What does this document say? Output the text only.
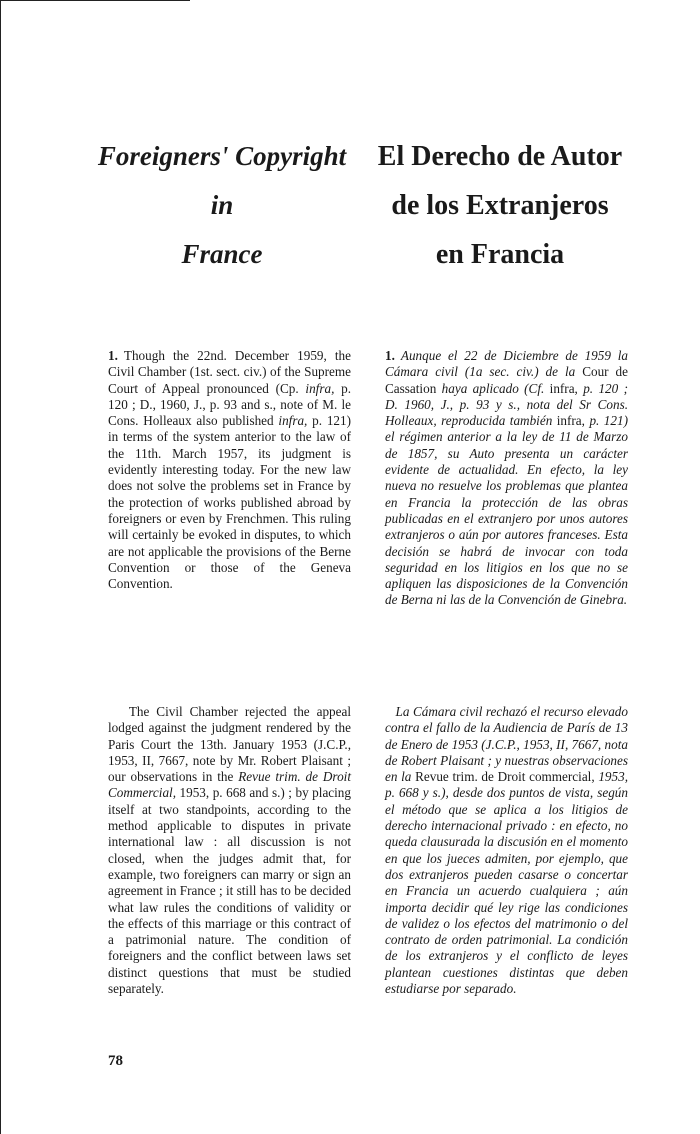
Foreigners' Copyright
in
France
El Derecho de Autor
de los Extranjeros
en Francia

1. Though the 22nd. December 1959, the Civil Chamber (1st. sect. civ.) of the Supreme Court of Appeal pronounced (Cp. infra, p. 120 ; D., 1960, J., p. 93 and s., note of M. le Cons. Holleaux also published infra, p. 121) in terms of the system anterior to the law of the 11th. March 1957, its judgment is evidently interesting today. For the new law does not solve the problems set in France by the protection of works published abroad by foreigners or even by Frenchmen. This ruling will certainly be evoked in disputes, to which are not applicable the provisions of the Berne Convention or those of the Geneva Convention.

The Civil Chamber rejected the appeal lodged against the judgment rendered by the Paris Court the 13th. January 1953 (J.C.P., 1953, II, 7667, note by Mr. Robert Plaisant ; our observations in the Revue trim. de Droit Commercial, 1953, p. 668 and s.) ; by placing itself at two standpoints, according to the method applicable to disputes in private international law : all discussion is not closed, when the judges admit that, for example, two foreigners can marry or sign an agreement in France ; it still has to be decided what law rules the conditions of validity or the effects of this marriage or this contract of a patrimonial nature. The condition of foreigners and the conflict between laws set distinct questions that must be studied separately.

1. Aunque el 22 de Diciembre de 1959 la Cámara civil (1a sec. civ.) de la Cour de Cassation haya aplicado (Cf. infra, p. 120 ; D. 1960, J., p. 93 y s., nota del Sr Cons. Holleaux, reproducida también infra, p. 121) el régimen anterior a la ley de 11 de Marzo de 1857, su Auto presenta un carácter evidente de actualidad. En efecto, la ley nueva no resuelve los problemas que plantea en Francia la protección de las obras publicadas en el extranjero por unos autores extranjeros o aún por autores franceses. Esta decisión se habrá de invocar con toda seguridad en los litigios en los que no se apliquen las disposiciones de la Convención de Berna ni las de la Convención de Ginebra.

La Cámara civil rechazó el recurso elevado contra el fallo de la Audiencia de París de 13 de Enero de 1953 (J.C.P., 1953, II, 7667, nota de Robert Plaisant ; y nuestras observaciones en la Revue trim. de Droit commercial, 1953, p. 668 y s.), desde dos puntos de vista, según el método que se aplica a los litigios de derecho internacional privado : en efecto, no queda clausurada la discusión en el momento en que los jueces admiten, por ejemplo, que dos extranjeros pueden casarse o concertar en Francia un acuerdo cualquiera ; aún importa decidir qué ley rige las condiciones de validez o los efectos del matrimonio o del contrato de orden patrimonial. La condición de los extranjeros y el conflicto de leyes plantean cuestiones distintas que deben estudiarse por separado.

78
